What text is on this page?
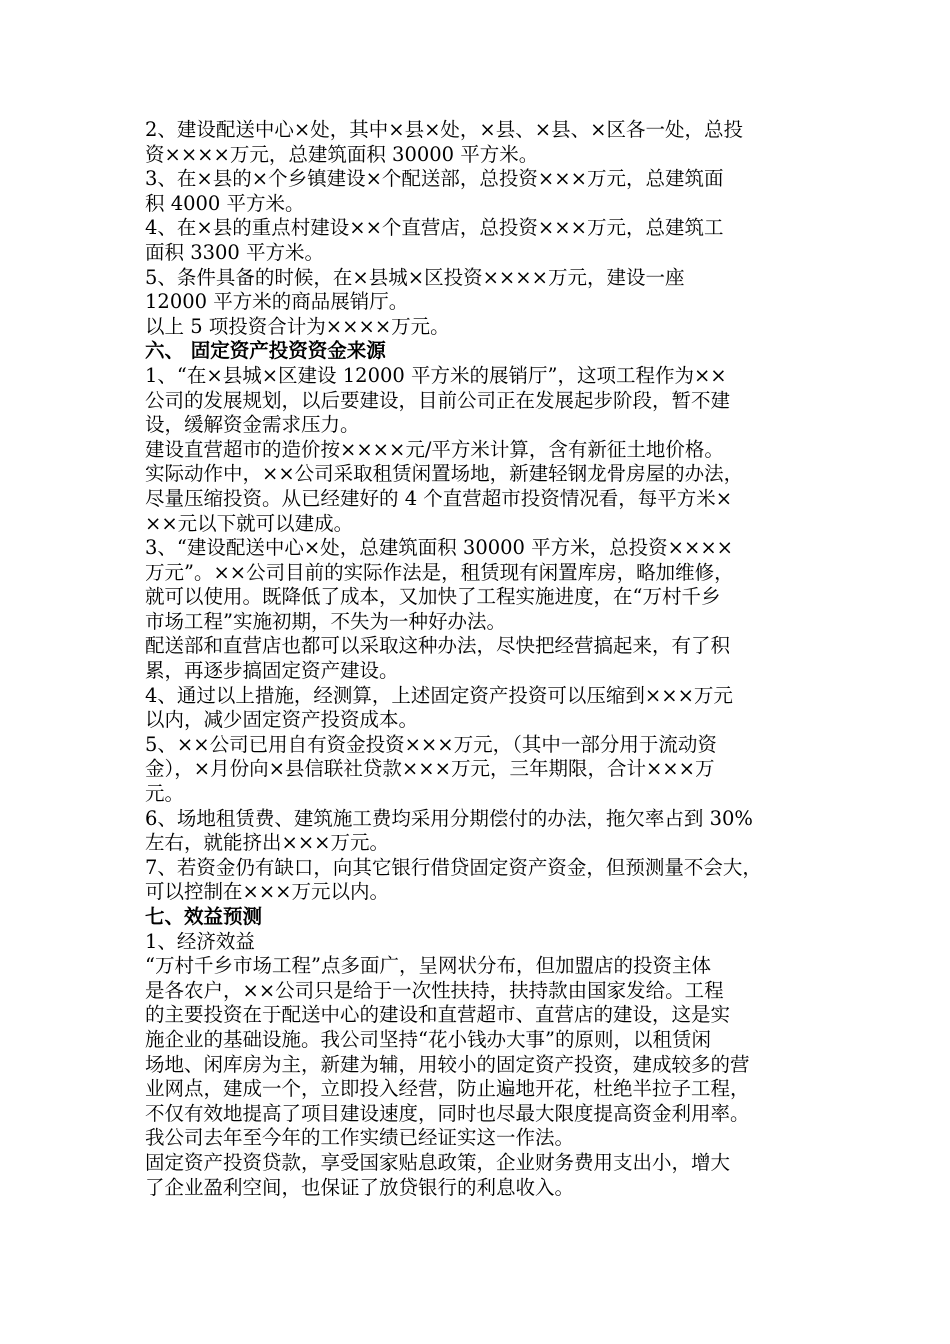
2、建设配送中心×处，其中×县×处，×县、×县、×区各一处，总投
资××××万元，总建筑面积 30000 平方米。
3、在×县的×个乡镇建设×个配送部，总投资×××万元，总建筑面
积 4000 平方米。
4、在×县的重点村建设××个直营店，总投资×××万元，总建筑工
面积 3300 平方米。
5、条件具备的时候，在×县城×区投资××××万元，建设一座
12000 平方米的商品展销厅。
以上 5 项投资合计为××××万元。
六、 固定资产投资资金来源
1、“在×县城×区建设 12000 平方米的展销厅”，这项工程作为××
公司的发展规划，以后要建设，目前公司正在发展起步阶段，暂不建
设，缓解资金需求压力。
建设直营超市的造价按××××元/平方米计算，含有新征土地价格。
实际动作中，××公司采取租赁闲置场地，新建轻钢龙骨房屋的办法，
尽量压缩投资。从已经建好的 4 个直营超市投资情况看，每平方米×
××元以下就可以建成。
3、“建设配送中心×处，总建筑面积 30000 平方米，总投资××××
万元”。××公司目前的实际作法是，租赁现有闲置库房，略加维修，
就可以使用。既降低了成本，又加快了工程实施进度，在“万村千乡
市场工程”实施初期，不失为一种好办法。
配送部和直营店也都可以采取这种办法，尽快把经营搞起来，有了积
累，再逐步搞固定资产建设。
4、通过以上措施，经测算，上述固定资产投资可以压缩到×××万元
以内，减少固定资产投资成本。
5、××公司已用自有资金投资×××万元，（其中一部分用于流动资
金），×月份向×县信联社贷款×××万元，三年期限，合计×××万
元。
6、场地租赁费、建筑施工费均采用分期偿付的办法，拖欠率占到 30%
左右，就能挤出×××万元。
7、若资金仍有缺口，向其它银行借贷固定资产资金，但预测量不会大，
可以控制在×××万元以内。
七、效益预测
1、经济效益
“万村千乡市场工程”点多面广，呈网状分布，但加盟店的投资主体
是各农户，××公司只是给于一次性扶持，扶持款由国家发给。工程
的主要投资在于配送中心的建设和直营超市、直营店的建设，这是实
施企业的基础设施。我公司坚持“花小钱办大事”的原则，以租赁闲
场地、闲库房为主，新建为辅，用较小的固定资产投资，建成较多的营
业网点，建成一个，立即投入经营，防止遍地开花，杜绝半拉子工程，
不仅有效地提高了项目建设速度，同时也尽最大限度提高资金利用率。
我公司去年至今年的工作实绩已经证实这一作法。
固定资产投资贷款，享受国家贴息政策，企业财务费用支出小，增大
了企业盈利空间，也保证了放贷银行的利息收入。
